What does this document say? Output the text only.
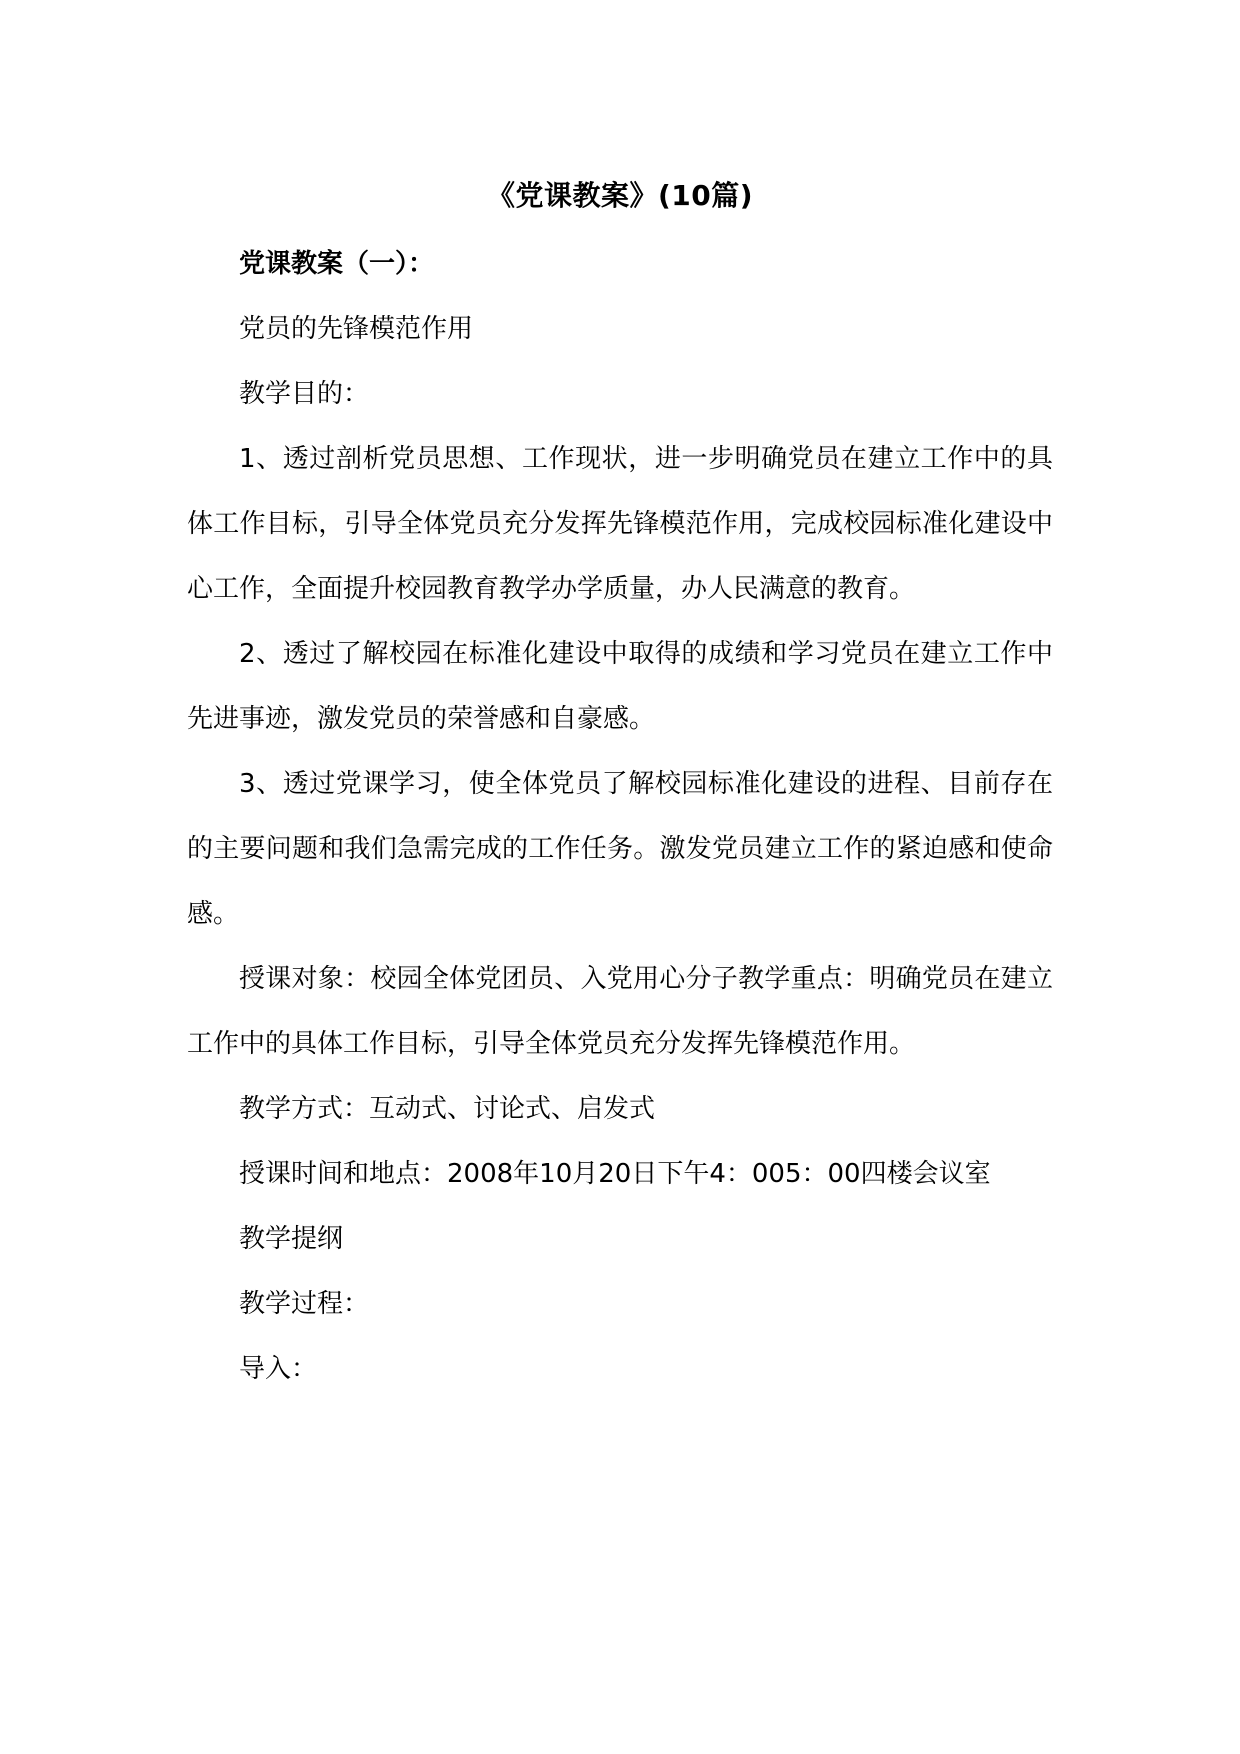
《党课教案》(10篇)

党课教案（一）：

党员的先锋模范作用

教学目的：

1、透过剖析党员思想、工作现状，进一步明确党员在建立工作中的具体工作目标，引导全体党员充分发挥先锋模范作用，完成校园标准化建设中心工作，全面提升校园教育教学办学质量，办人民满意的教育。

2、透过了解校园在标准化建设中取得的成绩和学习党员在建立工作中先进事迹，激发党员的荣誉感和自豪感。

3、透过党课学习，使全体党员了解校园标准化建设的进程、目前存在的主要问题和我们急需完成的工作任务。激发党员建立工作的紧迫感和使命感。

授课对象：校园全体党团员、入党用心分子教学重点：明确党员在建立工作中的具体工作目标，引导全体党员充分发挥先锋模范作用。

教学方式：互动式、讨论式、启发式

授课时间和地点：2008年10月20日下午4：005：00四楼会议室

教学提纲

教学过程：

导入：
